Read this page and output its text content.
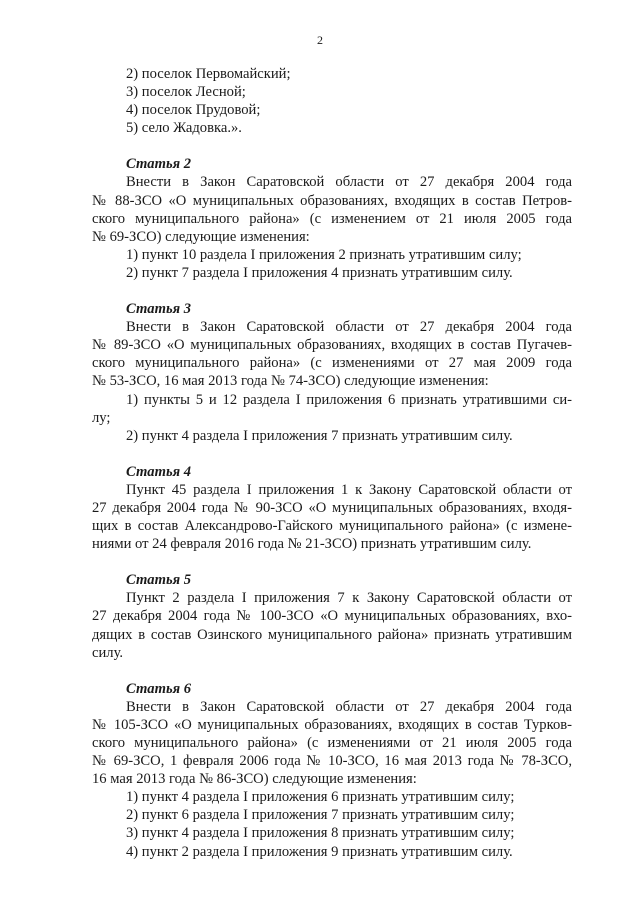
2
2) поселок Первомайский;
3) поселок Лесной;
4) поселок Прудовой;
5) село Жадовка.».
Статья 2
Внести в Закон Саратовской области от 27 декабря 2004 года
№ 88-ЗСО «О муниципальных образованиях, входящих в состав Петров-
ского муниципального района» (с изменением от 21 июля 2005 года
№ 69-ЗСО) следующие изменения:
1) пункт 10 раздела I приложения 2 признать утратившим силу;
2) пункт 7 раздела I приложения 4 признать утратившим силу.
Статья 3
Внести в Закон Саратовской области от 27 декабря 2004 года
№ 89-ЗСО «О муниципальных образованиях, входящих в состав Пугачев-
ского муниципального района» (с изменениями от 27 мая 2009 года
№ 53-ЗСО, 16 мая 2013 года № 74-ЗСО) следующие изменения:
1) пункты 5 и 12 раздела I приложения 6 признать утратившими си-
лу;
2) пункт 4 раздела I приложения 7 признать утратившим силу.
Статья 4
Пункт 45 раздела I приложения 1 к Закону Саратовской области от
27 декабря 2004 года № 90-ЗСО «О муниципальных образованиях, входя-
щих в состав Александрово-Гайского муниципального района» (с измене-
ниями от 24 февраля 2016 года № 21-ЗСО) признать утратившим силу.
Статья 5
Пункт 2 раздела I приложения 7 к Закону Саратовской области от
27 декабря 2004 года № 100-ЗСО «О муниципальных образованиях, вхо-
дящих в состав Озинского муниципального района» признать утратившим
силу.
Статья 6
Внести в Закон Саратовской области от 27 декабря 2004 года
№ 105-ЗСО «О муниципальных образованиях, входящих в состав Турков-
ского муниципального района» (с изменениями от 21 июля 2005 года
№ 69-ЗСО, 1 февраля 2006 года № 10-ЗСО, 16 мая 2013 года № 78-ЗСО,
16 мая 2013 года № 86-ЗСО) следующие изменения:
1) пункт 4 раздела I приложения 6 признать утратившим силу;
2) пункт 6 раздела I приложения 7 признать утратившим силу;
3) пункт 4 раздела I приложения 8 признать утратившим силу;
4) пункт 2 раздела I приложения 9 признать утратившим силу.
